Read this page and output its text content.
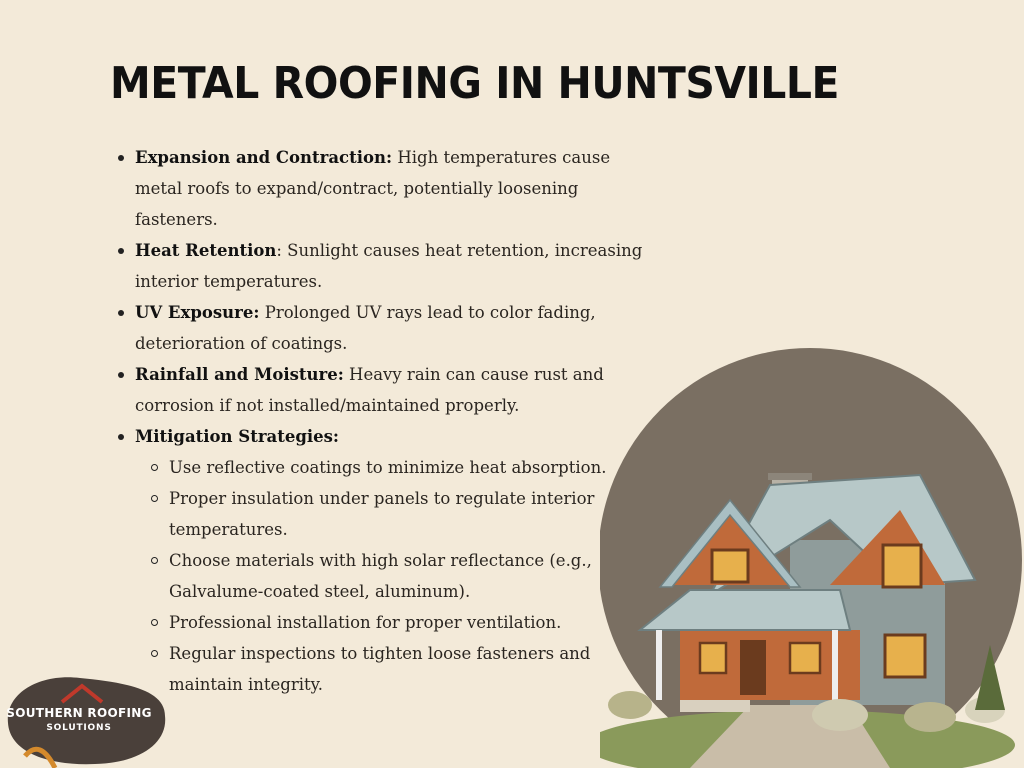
METAL ROOFING IN HUNTSVILLE
Expansion and Contraction: High temperatures cause metal roofs to expand/contract, potentially loosening fasteners.
Heat Retention: Sunlight causes heat retention, increasing interior temperatures.
UV Exposure: Prolonged UV rays lead to color fading, deterioration of coatings.
Rainfall and Moisture: Heavy rain can cause rust and corrosion if not installed/maintained properly.
Mitigation Strategies:
Use reflective coatings to minimize heat absorption.
Proper insulation under panels to regulate interior temperatures.
Choose materials with high solar reflectance (e.g., Galvalume-coated steel, aluminum).
Professional installation for proper ventilation.
Regular inspections to tighten loose fasteners and maintain integrity.
SOUTHERN ROOFING
SOLUTIONS
